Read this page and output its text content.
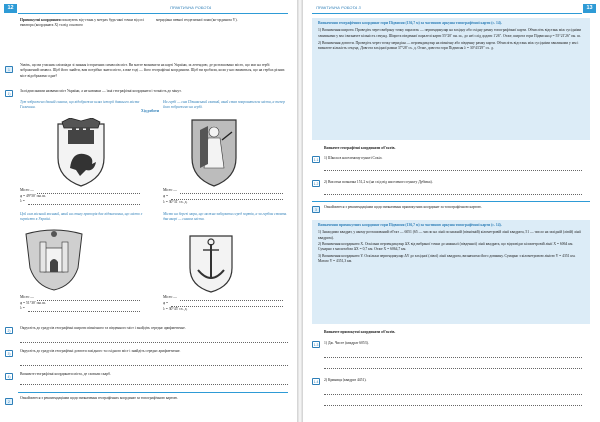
12	ПРАКТИЧНА РОБОТА
Прямокутні координати показують від-стань у метрах будь-якої точки від осі екватора (координата X) та від осьового
меридіана певної геодезичної зони (ко-ордината Y).
1
Уявіть, що ви учасник олімпіади зі знання історичних символів міст. Ви маєте визначити на карті України, за легендою, де розташовано місто, що має на гербі зображений символ. Щоб його знайти, вам потрібно знати місто, а вже тоді — його географічні координати. Щоб ви зробили, коли у нас виявиться, що на гербах різних міст відображено одне?
1)
За підписаними назвами міст України, а не навпаки — їхні географічні координати і точність до мінут.
Тут зображено давній символ, що відображає шлях історії давнього міста Галичини.
На гербі — сам Пізнавський святий, який став покровителем міста, а тепер його зображено на гербі.
Хід роботи
Місто —
φ = 49°50′ пн. ш.
λ =
Місто —
φ =
λ = 30°31′ сх. д.
Цей сам міський воєнний, який на стягу прапорів дає відзначення, що місто є первістю в Україні.
Місто на березі моря, що можна заблукати серед портів, а за гербом стоять два якорі — символ міста.
Місто —
φ = 51°30′ пн. ш.
λ =
Місто —
φ =
λ = 30°45′ сх. д.
2)
Округліть до градусів географічні широти північного та південного міст і знайдіть середнє арифметичне.
3)
Округліть до градусів географічні довготи західного та східного міст і знайдіть середнє арифметичне.
4)
Визначте географічні координати міста, де сховали скарб.
2
Ознайомтеся з рекомендаціями щодо визначення географічних координат за топографічною картою.
ПРАКТИЧНА РОБОТА 3	13
Визначення географічних координат гори Підвисня (136,7 м) за частиною аркуша топографічної карти (с. 14).
1) Визначення широти. Проведіть через вибрану точку паралель — перпендикуляр на західну або східну рамку топографічної карти. Обчисліть відстань між сусідніми хвилинами у мм і визначте кількість секунд. Широта південної паралелі карти 55°20′ пн. ш., до неї слід додати 1′26″. Отже, широта гори Підвисня φ = 55°21′26″ пн. ш.
2) Визначення довготи. Проведіть через точку меридіан — перпендикуляр на північну або південну рамку карти. Обчисліть відстань між сусідніми хвилинами у мм і визначте кількість секунд. Довгота західної рамки 37°28′ сх. д. Отже, довгота гори Підвисня λ = 30°43′29″ сх. д.
Визначте географічні координати об'єктів.
1.1	1) Школа в населеному пункті Сокіл.
1.2	2) Висотна позначка 151,2 м (на схід від населеного пункту Дубівка).
3
Ознайомтеся з рекомендаціями щодо визначення прямокутних координат за топографічною картою.
Визначення прямокутних координат гори Підвисня (136,7 м) за частиною аркуша топографічної карти (с. 14).
1) Знаходимо квадрат, у якому розташований об'єкт — 6051 (65 — число на лінії по нижній (північній) кілометровій лінії квадрата, 51 — число на західній (лівій) лінії квадрата).
2) Визначення координати X. Оскільки перпендикуляр ΔX від вибраної точки до нижньої (південної) лінії квадрата, що відповідає кілометровій лінії X = 6064 км. Сумарно з масштабом ΔX = 0,7 км. Отже X = 6064,7 км.
3) Визначення координати Y. Оскільки перпендикуляр ΔY до західної (лівої) лінії квадрата, визначаємо його довжину. Сумарно з кілометровою лінією Y = 4351 км. Маємо Y = 4351,3 км.
Визначте прямокутні координати об'єктів.
1.3	1) Дж. Чисте (квадрат 6053).
1.4	2) Криниця (квадрат 4451).
